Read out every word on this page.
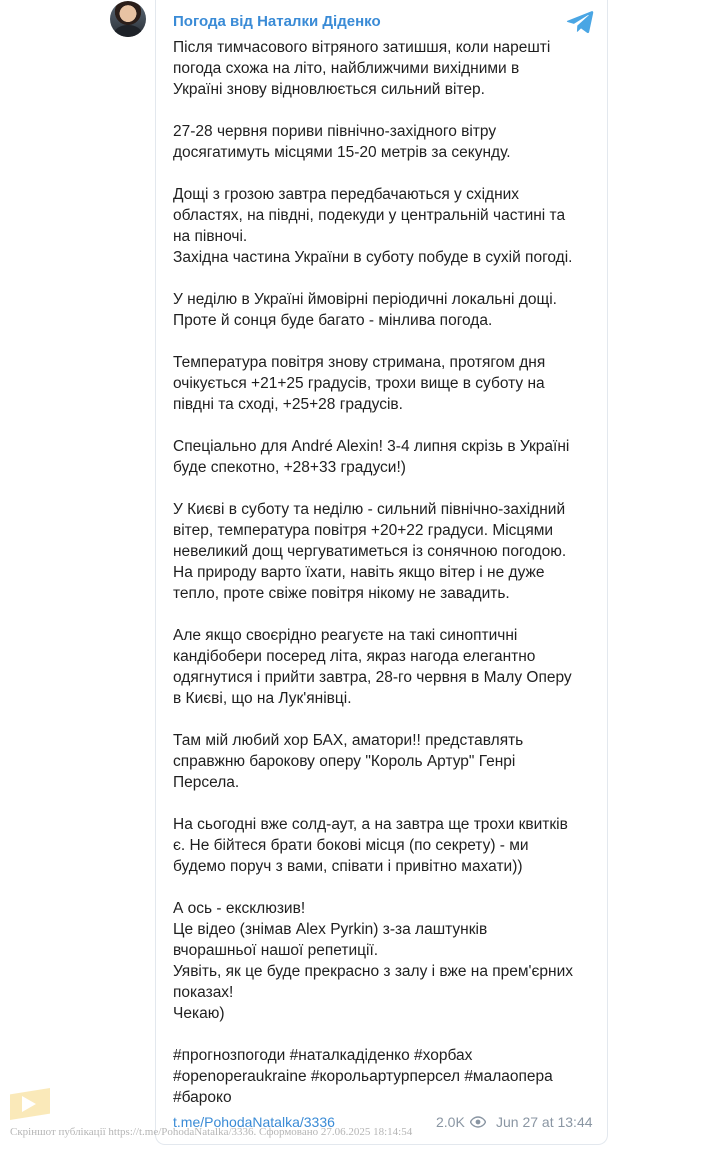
Погода від Наталки Діденко

Після тимчасового вітряного затишшя, коли нарешті
погода схожа на літо, найближчими вихідними в
Україні знову відновлюється сильний вітер.

27-28 червня пориви північно-західного вітру
досягатимуть місцями 15-20 метрів за секунду.

Дощі з грозою завтра передбачаються у східних
областях, на півдні, подекуди у центральній частині та
на півночі.
Західна частина України в суботу побуде в сухій погоді.

У неділю в Україні ймовірні періодичні локальні дощі.
Проте й сонця буде багато - мінлива погода.

Температура повітря знову стримана, протягом дня
очікується +21+25 градусів, трохи вище в суботу на
півдні та сході, +25+28 градусів.

Спеціально для André Alexin! 3-4 липня скрізь в Україні
буде спекотно, +28+33 градуси!)

У Києві в суботу та неділю - сильний північно-західний
вітер, температура повітря +20+22 градуси. Місцями
невеликий дощ чергуватиметься із сонячною погодою.
На природу варто їхати, навіть якщо вітер і не дуже
тепло, проте свіже повітря нікому не завадить.

Але якщо своєрідно реагуєте на такі синоптичні
кандібобери посеред літа, якраз нагода елегантно
одягнутися і прийти завтра, 28-го червня в Малу Оперу
в Києві, що на Лук'янівці.

Там мій любий хор БАХ, аматори!! представлять
справжню барокову оперу "Король Артур" Генрі
Персела.

На сьогодні вже солд-аут, а на завтра ще трохи квитків
є. Не бійтеся брати бокові місця (по секрету) - ми
будемо поруч з вами, співати і привітно махати))

А ось - ексклюзив!
Це відео (знімав Alex Pyrkin) з-за лаштунків
вчорашньої нашої репетиції.
Уявіть, як це буде прекрасно з залу і вже на прем'єрних
показах!
Чекаю)

#прогнозпогоди #наталкадіденко #хорбах
#openoperaukraine #корольартурперсел #малаопера
#бароко

t.me/PohodaNatalka/3336	2.0K Jun 27 at 13:44
Скріншот публікації https://t.me/PohodaNatalka/3336. Сформовано 27.06.2025 18:14:54
